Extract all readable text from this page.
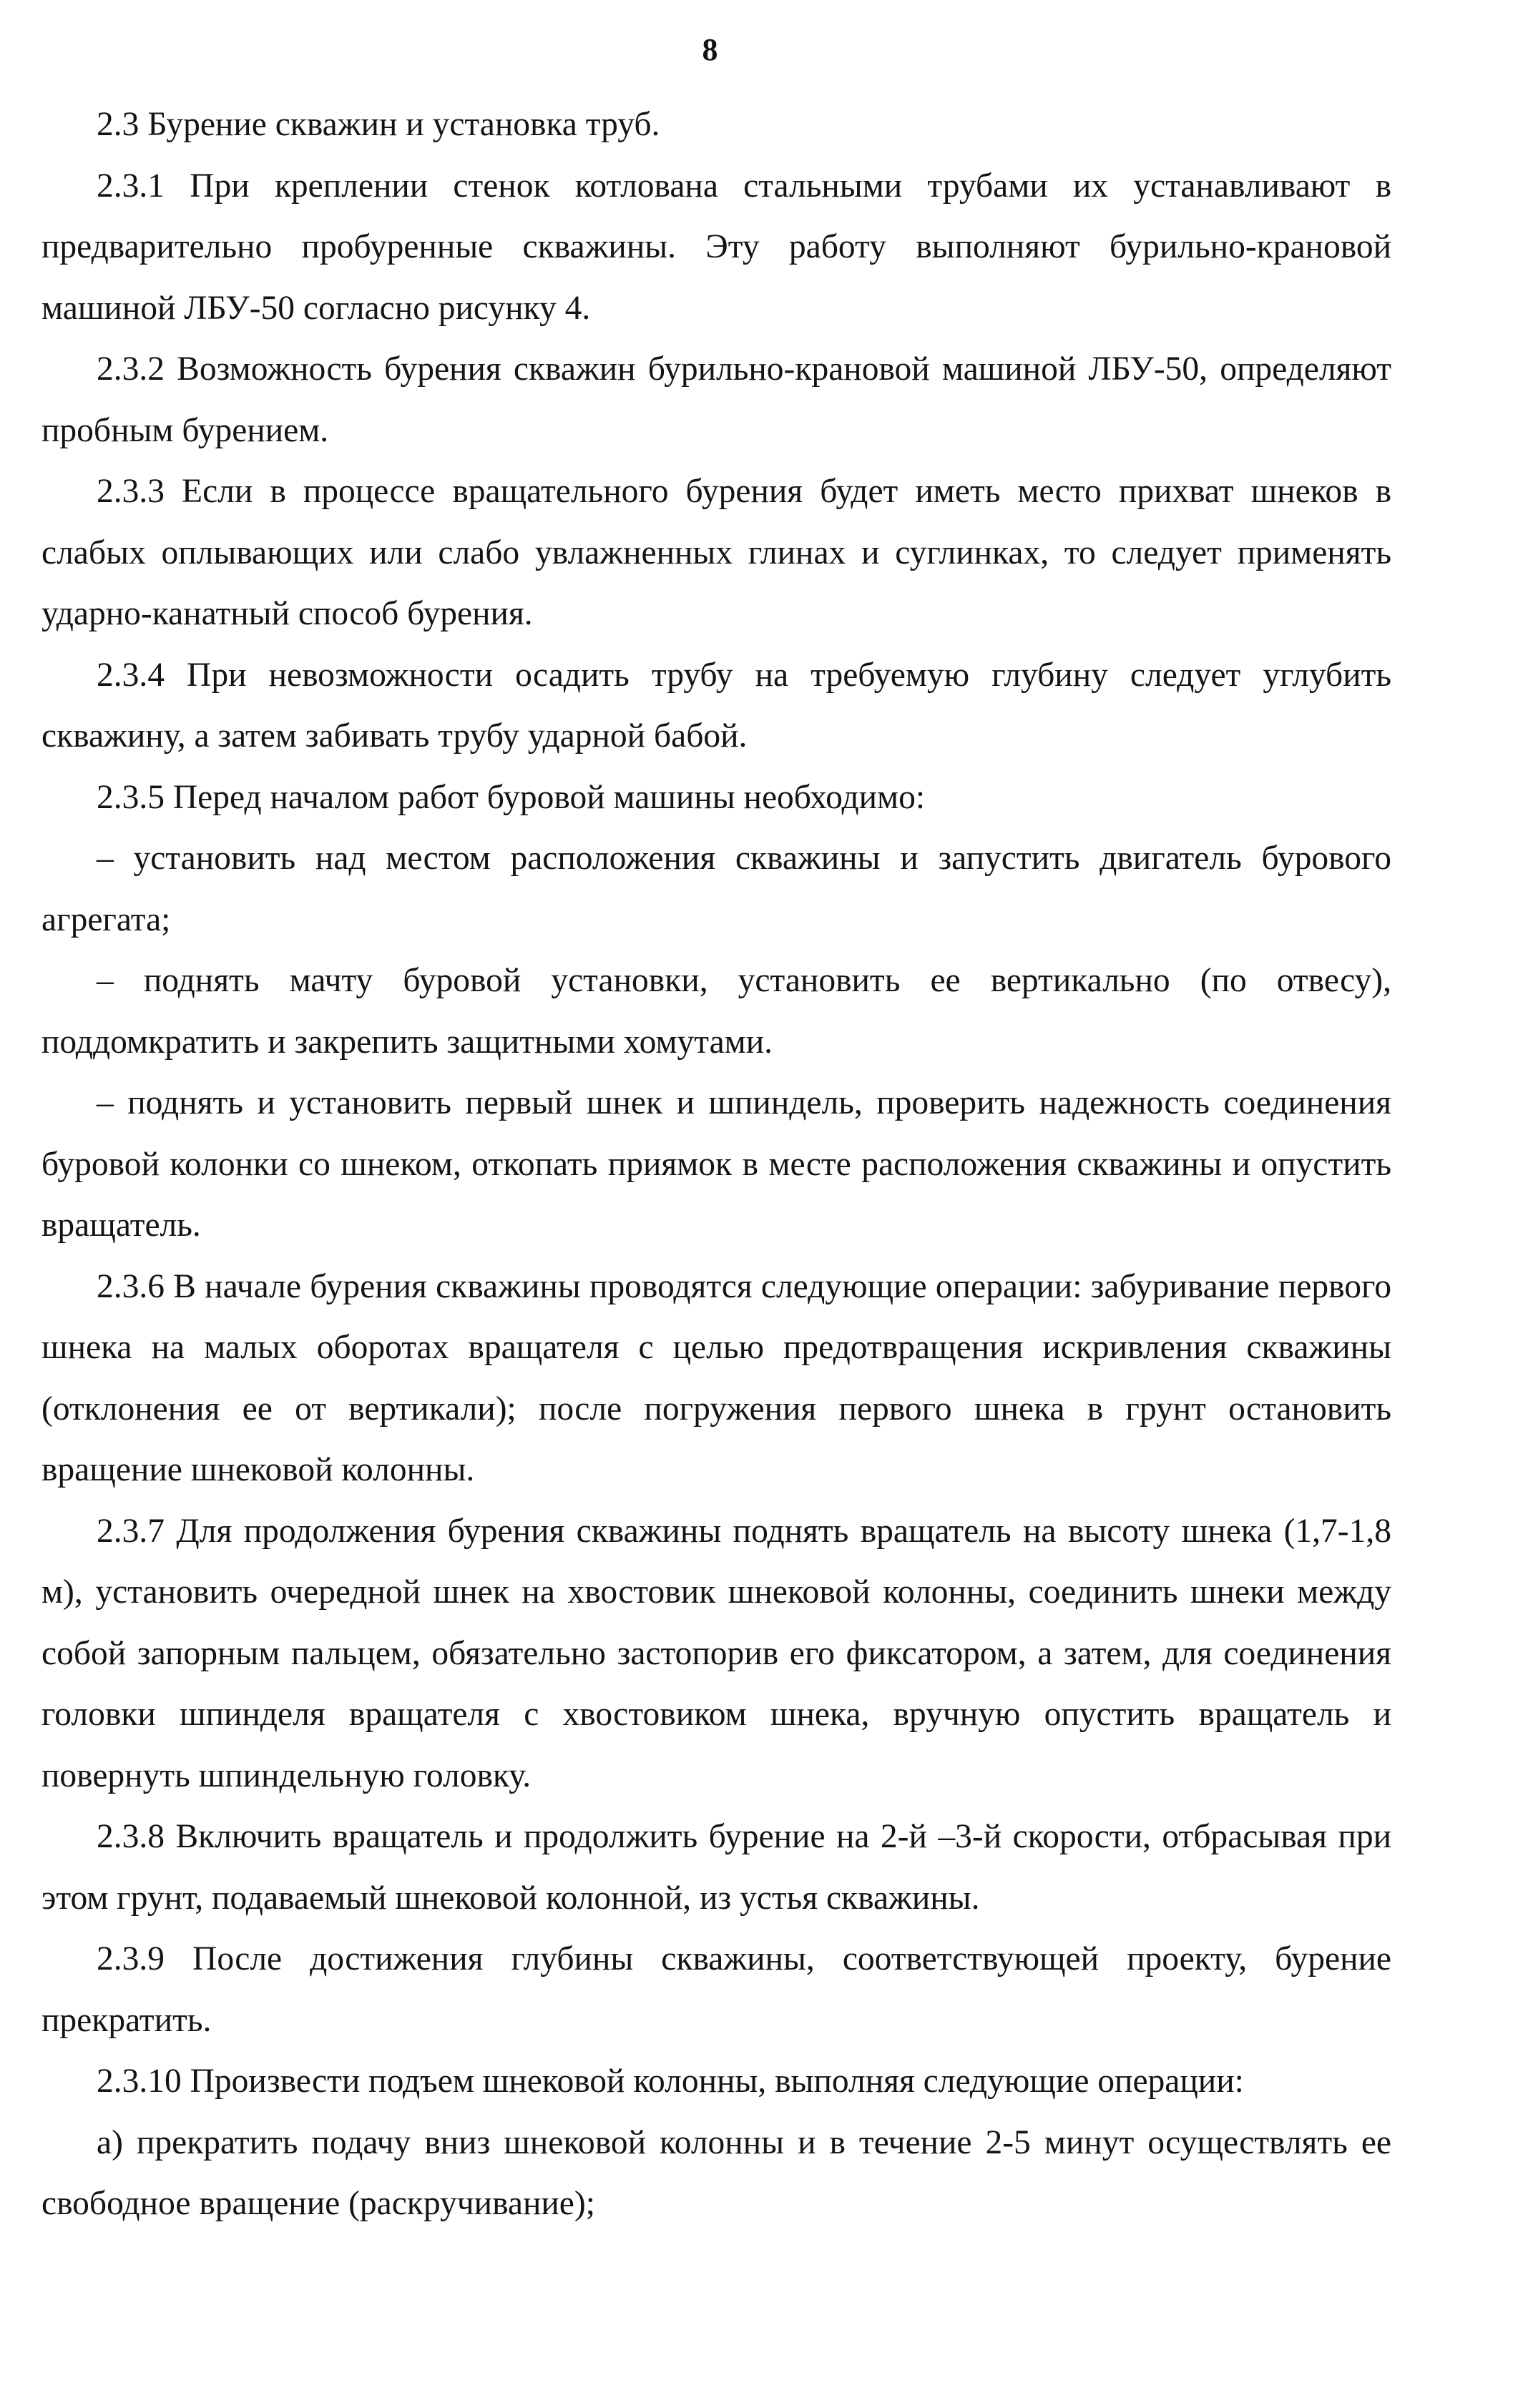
8

2.3 Бурение скважин и установка труб.

2.3.1 При креплении стенок котлована стальными трубами их устанавливают в предварительно пробуренные скважины. Эту работу выполняют бурильно-крановой машиной ЛБУ-50 согласно рисунку 4.

2.3.2 Возможность бурения скважин бурильно-крановой машиной ЛБУ-50, определяют пробным бурением.

2.3.3 Если в процессе вращательного бурения будет иметь место прихват шнеков в слабых оплывающих или слабо увлажненных глинах и суглинках, то следует применять ударно-канатный способ бурения.

2.3.4 При невозможности осадить трубу на требуемую глубину следует углубить скважину, а затем забивать трубу ударной бабой.

2.3.5 Перед началом работ буровой машины необходимо:

– установить над местом расположения скважины и запустить двигатель бурового агрегата;

– поднять мачту буровой установки, установить ее вертикально (по отвесу), поддомкратить и закрепить защитными хомутами.

– поднять и установить первый шнек и шпиндель, проверить надежность соединения буровой колонки со шнеком, откопать приямок в месте расположения скважины и опустить вращатель.

2.3.6 В начале бурения скважины проводятся следующие операции: забуривание первого шнека на малых оборотах вращателя с целью предотвращения искривления скважины (отклонения ее от вертикали); после погружения первого шнека в грунт остановить вращение шнековой колонны.

2.3.7 Для продолжения бурения скважины поднять вращатель на высоту шнека (1,7-1,8 м), установить очередной шнек на хвостовик шнековой колонны, соединить шнеки между собой запорным пальцем, обязательно застопорив его фиксатором, а затем, для соединения головки шпинделя вращателя с хвостовиком шнека, вручную опустить вращатель и повернуть шпиндельную головку.

2.3.8 Включить вращатель и продолжить бурение на 2-й –3-й скорости, отбрасывая при этом грунт, подаваемый шнековой колонной, из устья скважины.

2.3.9 После достижения глубины скважины, соответствующей проекту, бурение прекратить.

2.3.10 Произвести подъем шнековой колонны, выполняя следующие операции:

а) прекратить подачу вниз шнековой колонны и в течение 2-5 минут осуществлять ее свободное вращение (раскручивание);
